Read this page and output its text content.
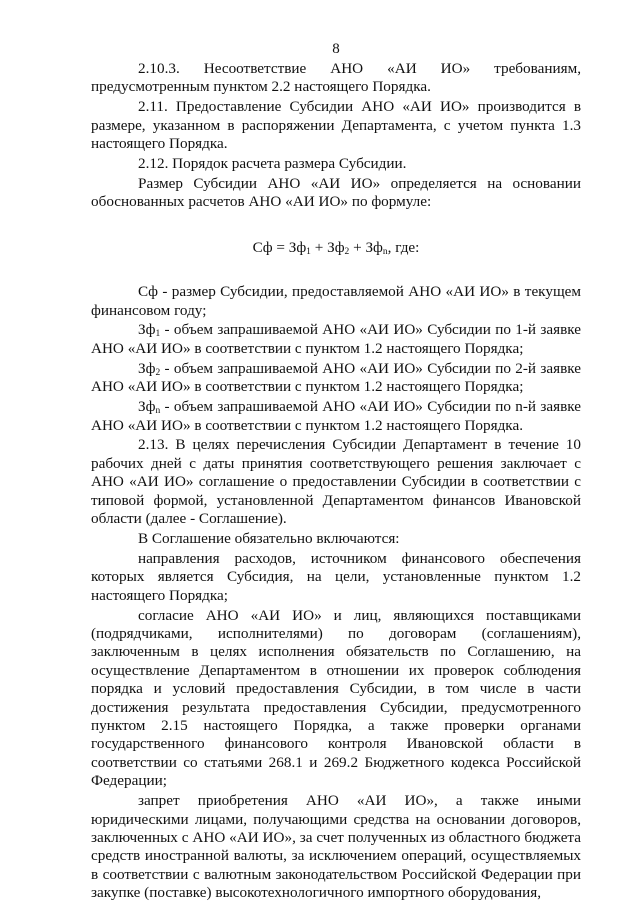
8

2.10.3. Несоответствие АНО «АИ ИО» требованиям, предусмотренным пунктом 2.2 настоящего Порядка.

2.11. Предоставление Субсидии АНО «АИ ИО» производится в размере, указанном в распоряжении Департамента, с учетом пункта 1.3 настоящего Порядка.

2.12. Порядок расчета размера Субсидии.

Размер Субсидии АНО «АИ ИО» определяется на основании обоснованных расчетов АНО «АИ ИО» по формуле:

Сф = $Зф_1 + Зф_2 + Зф_n$, где:

Сф - размер Субсидии, предоставляемой АНО «АИ ИО» в текущем финансовом году;

$Зф_1$ - объем запрашиваемой АНО «АИ ИО» Субсидии по 1-й заявке АНО «АИ ИО» в соответствии с пунктом 1.2 настоящего Порядка;

$Зф_2$ - объем запрашиваемой АНО «АИ ИО» Субсидии по 2-й заявке АНО «АИ ИО» в соответствии с пунктом 1.2 настоящего Порядка;

$Зф_n$ - объем запрашиваемой АНО «АИ ИО» Субсидии по n-й заявке АНО «АИ ИО» в соответствии с пунктом 1.2 настоящего Порядка.

2.13. В целях перечисления Субсидии Департамент в течение 10 рабочих дней с даты принятия соответствующего решения заключает с АНО «АИ ИО» соглашение о предоставлении Субсидии в соответствии с типовой формой, установленной Департаментом финансов Ивановской области (далее - Соглашение).

В Соглашение обязательно включаются:

направления расходов, источником финансового обеспечения которых является Субсидия, на цели, установленные пунктом 1.2 настоящего Порядка;

согласие АНО «АИ ИО» и лиц, являющихся поставщиками (подрядчиками, исполнителями) по договорам (соглашениям), заключенным в целях исполнения обязательств по Соглашению, на осуществление Департаментом в отношении их проверок соблюдения порядка и условий предоставления Субсидии, в том числе в части достижения результата предоставления Субсидии, предусмотренного пунктом 2.15 настоящего Порядка, а также проверки органами государственного финансового контроля Ивановской области в соответствии со статьями 268.1 и 269.2 Бюджетного кодекса Российской Федерации;

запрет приобретения АНО «АИ ИО», а также иными юридическими лицами, получающими средства на основании договоров, заключенных с АНО «АИ ИО», за счет полученных из областного бюджета средств иностранной валюты, за исключением операций, осуществляемых в соответствии с валютным законодательством Российской Федерации при закупке (поставке) высокотехнологичного импортного оборудования,
